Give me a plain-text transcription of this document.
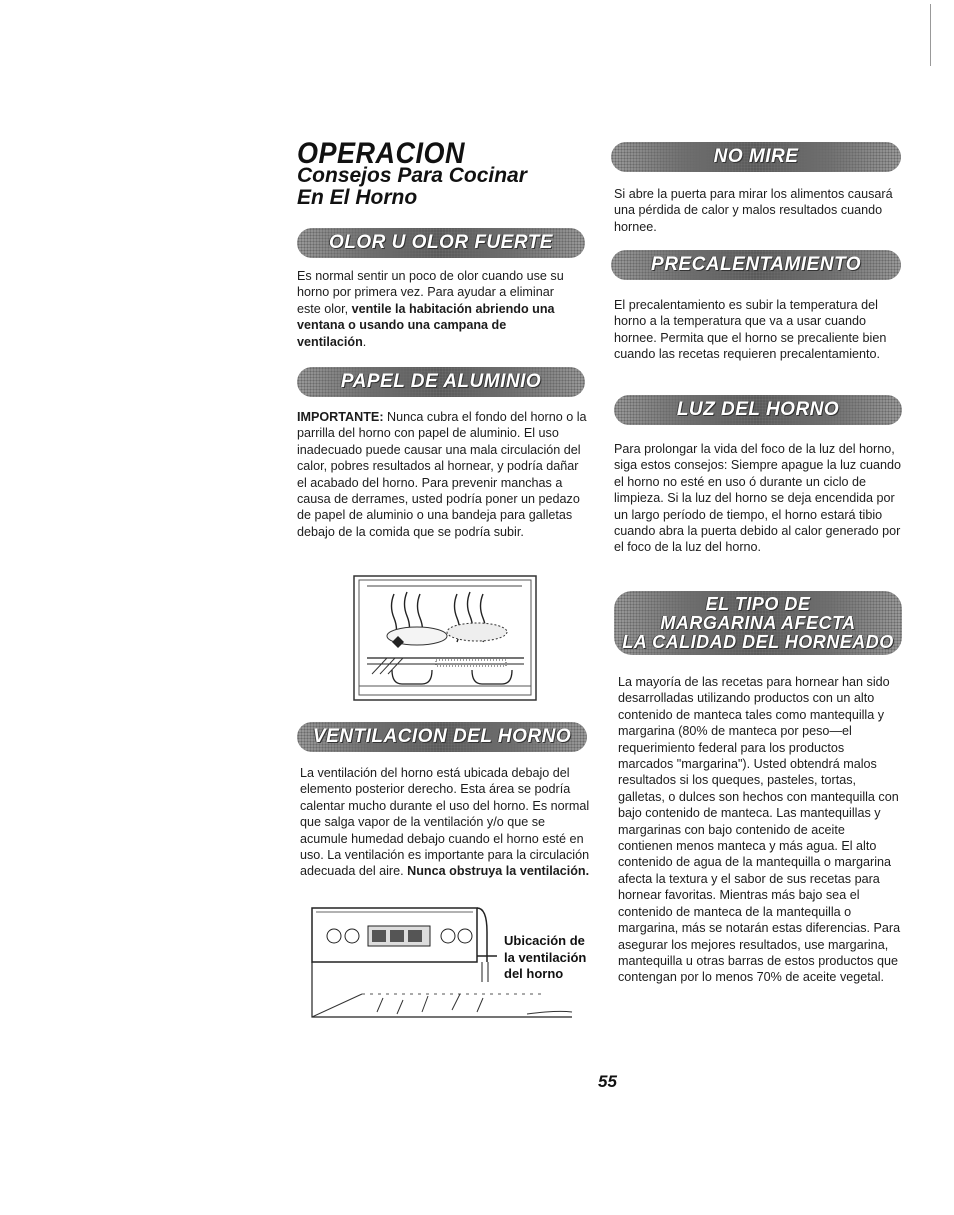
OPERACION
Consejos Para Cocinar
En El Horno
OLOR U OLOR FUERTE
Es normal sentir un poco de olor cuando use su horno por primera vez. Para ayudar a eliminar este olor, ventile la habitación abriendo una ventana o usando una campana de ventilación.
PAPEL DE ALUMINIO
IMPORTANTE: Nunca cubra el fondo del horno o la parrilla del horno con papel de aluminio. El uso inadecuado puede causar una mala circulación del calor, pobres resultados al hornear, y podría dañar el acabado del horno. Para prevenir manchas a causa de derrames, usted podría poner un pedazo de papel de aluminio o una bandeja para galletas debajo de la comida que se podría subir.
VENTILACION DEL HORNO
La ventilación del horno está ubicada debajo del elemento posterior derecho. Esta área se podría calentar mucho durante el uso del horno. Es normal que salga vapor de la ventilación y/o que se acumule humedad debajo cuando el horno esté en uso. La ventilación es importante para la circulación adecuada del aire. Nunca obstruya la ventilación.
Ubicación de
la ventilación
del horno
NO MIRE
Si abre la puerta para mirar los alimentos causará una pérdida de calor y malos resultados cuando hornee.
PRECALENTAMIENTO
El precalentamiento es subir la temperatura del horno a la temperatura que va a usar cuando hornee. Permita que el horno se precaliente bien cuando las recetas requieren precalentamiento.
LUZ DEL HORNO
Para prolongar la vida del foco de la luz del horno, siga estos consejos: Siempre apague la luz cuando el horno no esté en uso ó durante un ciclo de limpieza. Si la luz del horno se deja encendida por un largo período de tiempo, el horno estará tibio cuando abra la puerta debido al calor generado por el foco de la luz del horno.
EL TIPO DE
MARGARINA AFECTA
LA CALIDAD DEL HORNEADO
La mayoría de las recetas para hornear han sido desarrolladas utilizando productos con un alto contenido de manteca tales como mantequilla y margarina (80% de manteca por peso—el requerimiento federal para los productos marcados "margarina"). Usted obtendrá malos resultados si los queques, pasteles, tortas, galletas, o dulces son hechos con mantequilla con bajo contenido de manteca. Las mantequillas y margarinas con bajo contenido de aceite contienen menos manteca y más agua. El alto contenido de agua de la mantequilla o margarina afecta la textura y el sabor de sus recetas para hornear favoritas. Mientras más bajo sea el contenido de manteca de la mantequilla o margarina, más se notarán estas diferencias. Para asegurar los mejores resultados, use margarina, mantequilla u otras barras de estos productos que contengan por lo menos 70% de aceite vegetal.
55
